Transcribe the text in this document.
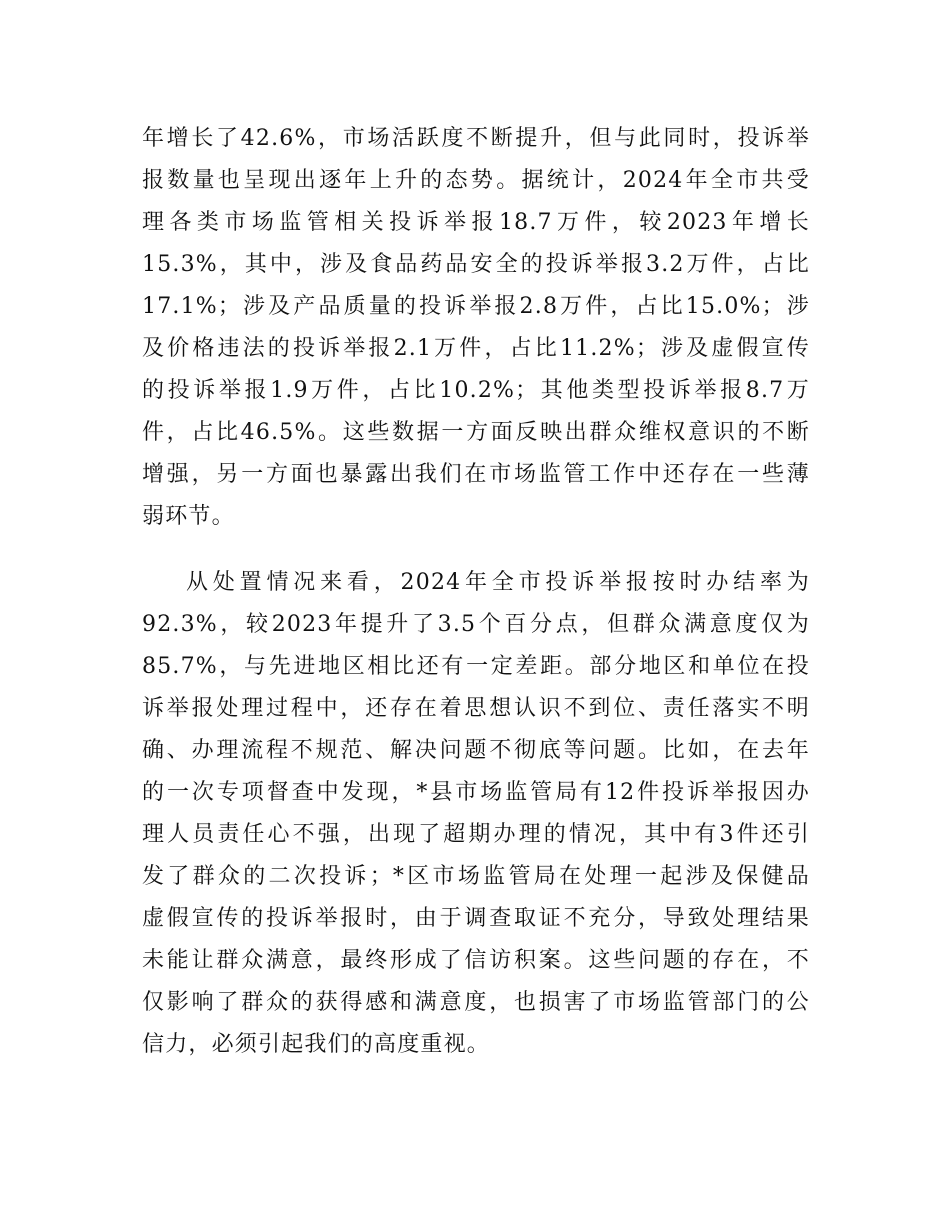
年增长了42.6%，市场活跃度不断提升，但与此同时，投诉举
报数量也呈现出逐年上升的态势。据统计，2024年全市共受
理各类市场监管相关投诉举报18.7万件，较2023年增长
15.3%，其中，涉及食品药品安全的投诉举报3.2万件，占比
17.1%；涉及产品质量的投诉举报2.8万件，占比15.0%；涉
及价格违法的投诉举报2.1万件，占比11.2%；涉及虚假宣传
的投诉举报1.9万件，占比10.2%；其他类型投诉举报8.7万
件，占比46.5%。这些数据一方面反映出群众维权意识的不断
增强，另一方面也暴露出我们在市场监管工作中还存在一些薄
弱环节。
从处置情况来看，2024年全市投诉举报按时办结率为
92.3%，较2023年提升了3.5个百分点，但群众满意度仅为
85.7%，与先进地区相比还有一定差距。部分地区和单位在投
诉举报处理过程中，还存在着思想认识不到位、责任落实不明
确、办理流程不规范、解决问题不彻底等问题。比如，在去年
的一次专项督查中发现，*县市场监管局有12件投诉举报因办
理人员责任心不强，出现了超期办理的情况，其中有3件还引
发了群众的二次投诉；*区市场监管局在处理一起涉及保健品
虚假宣传的投诉举报时，由于调查取证不充分，导致处理结果
未能让群众满意，最终形成了信访积案。这些问题的存在，不
仅影响了群众的获得感和满意度，也损害了市场监管部门的公
信力，必须引起我们的高度重视。
